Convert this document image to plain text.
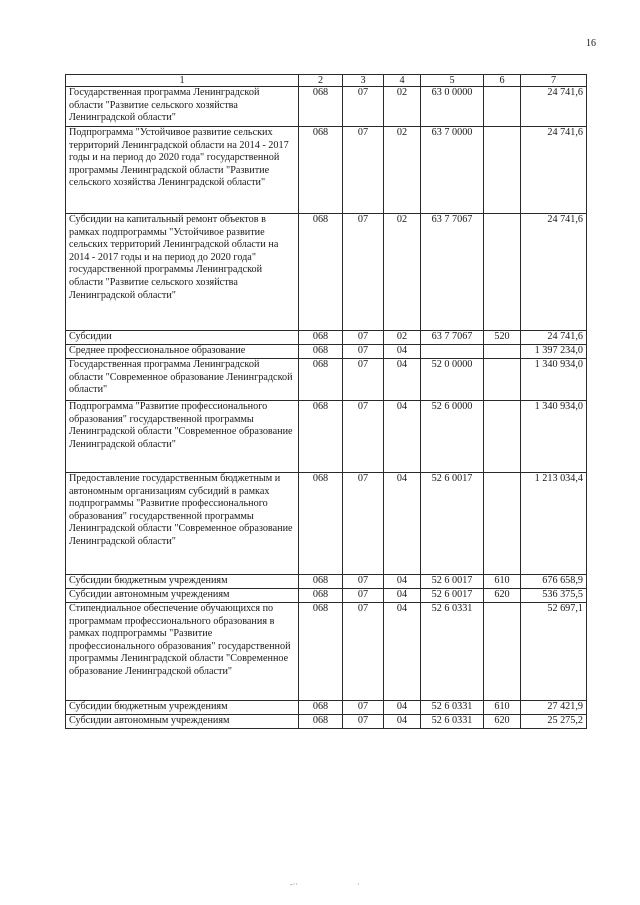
16
1	2	3	4	5	6	7
Государственная программа Ленинградской области "Развитие сельского хозяйства Ленинградской области"	068	07	02	63 0 0000		24 741,6
Подпрограмма "Устойчивое развитие сельских территорий Ленинградской области на 2014 - 2017 годы и на период до 2020 года" государственной программы Ленинградской области "Развитие сельского хозяйства Ленинградской области"	068	07	02	63 7 0000		24 741,6
Субсидии на капитальный ремонт объектов в рамках подпрограммы "Устойчивое развитие сельских территорий Ленинградской области на 2014 - 2017 годы и на период до 2020 года" государственной программы Ленинградской области "Развитие сельского хозяйства Ленинградской области"	068	07	02	63 7 7067		24 741,6
Субсидии	068	07	02	63 7 7067	520	24 741,6
Среднее профессиональное образование	068	07	04			1 397 234,0
Государственная программа Ленинградской области "Современное образование Ленинградской области"	068	07	04	52 0 0000		1 340 934,0
Подпрограмма "Развитие профессионального образования" государственной программы Ленинградской области "Современное образование Ленинградской области"	068	07	04	52 6 0000		1 340 934,0
Предоставление государственным бюджетным и автономным организациям субсидий в рамках подпрограммы "Развитие профессионального образования" государственной программы Ленинградской области "Современное образование Ленинградской области"	068	07	04	52 6 0017		1 213 034,4
Субсидии бюджетным учреждениям	068	07	04	52 6 0017	610	676 658,9
Субсидии автономным учреждениям	068	07	04	52 6 0017	620	536 375,5
Стипендиальное обеспечение обучающихся по программам профессионального образования в рамках подпрограммы "Развитие профессионального образования" государственной программы Ленинградской области "Современное образование Ленинградской области"	068	07	04	52 6 0331		52 697,1
Субсидии бюджетным учреждениям	068	07	04	52 6 0331	610	27 421,9
Субсидии автономным учреждениям	068	07	04	52 6 0331	620	25 275,2
-··	·
